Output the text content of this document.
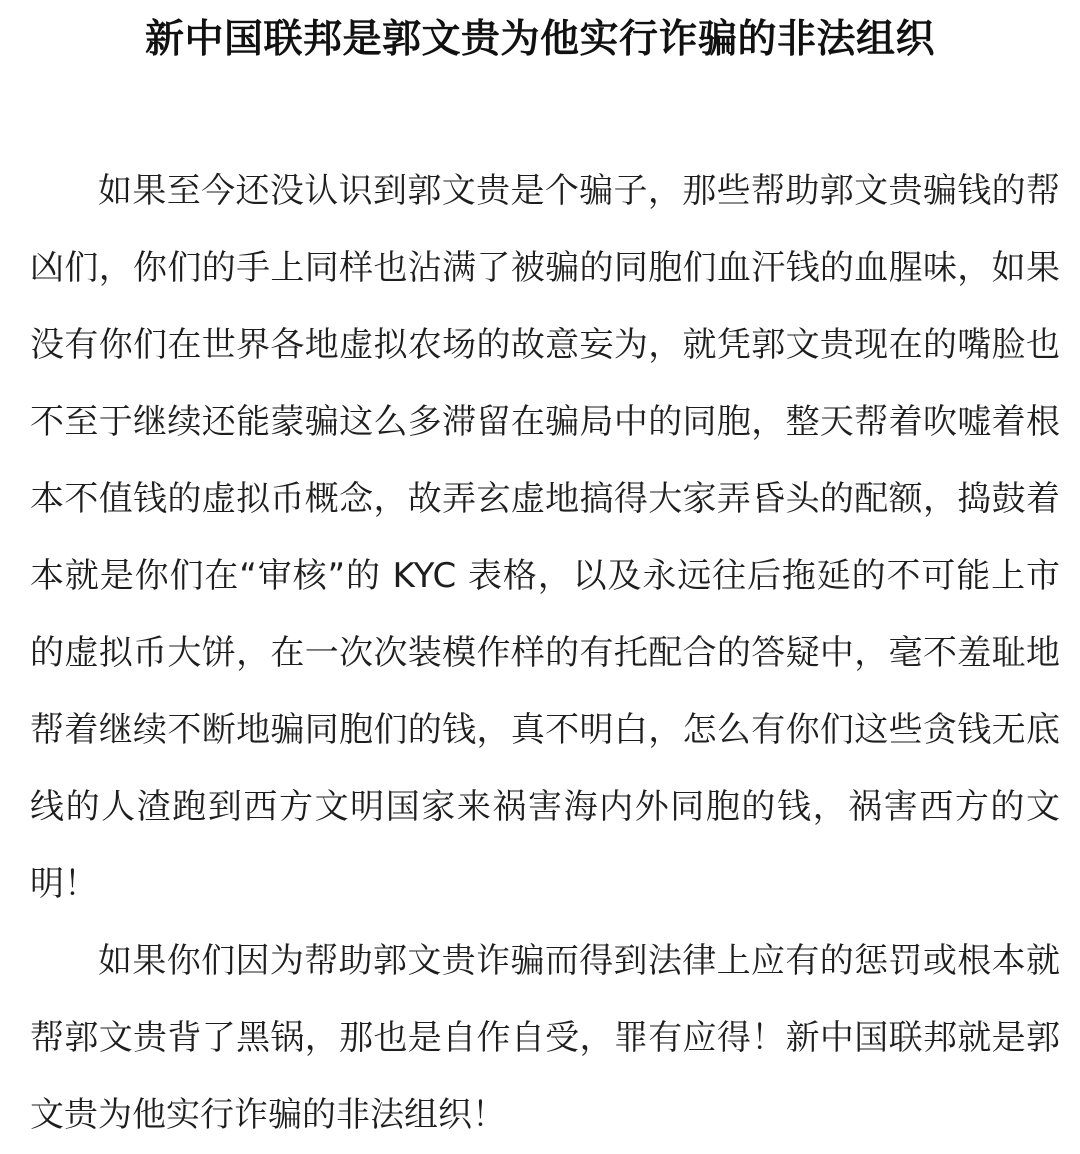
新中国联邦是郭文贵为他实行诈骗的非法组织

如果至今还没认识到郭文贵是个骗子，那些帮助郭文贵骗钱的帮凶们，你们的手上同样也沾满了被骗的同胞们血汗钱的血腥味，如果没有你们在世界各地虚拟农场的故意妄为，就凭郭文贵现在的嘴脸也不至于继续还能蒙骗这么多滞留在骗局中的同胞，整天帮着吹嘘着根本不值钱的虚拟币概念，故弄玄虚地搞得大家弄昏头的配额，捣鼓着本就是你们在“审核”的 KYC 表格，以及永远往后拖延的不可能上市的虚拟币大饼，在一次次装模作样的有托配合的答疑中，毫不羞耻地帮着继续不断地骗同胞们的钱，真不明白，怎么有你们这些贪钱无底线的人渣跑到西方文明国家来祸害海内外同胞的钱，祸害西方的文明！

如果你们因为帮助郭文贵诈骗而得到法律上应有的惩罚或根本就帮郭文贵背了黑锅，那也是自作自受，罪有应得！新中国联邦就是郭文贵为他实行诈骗的非法组织！
